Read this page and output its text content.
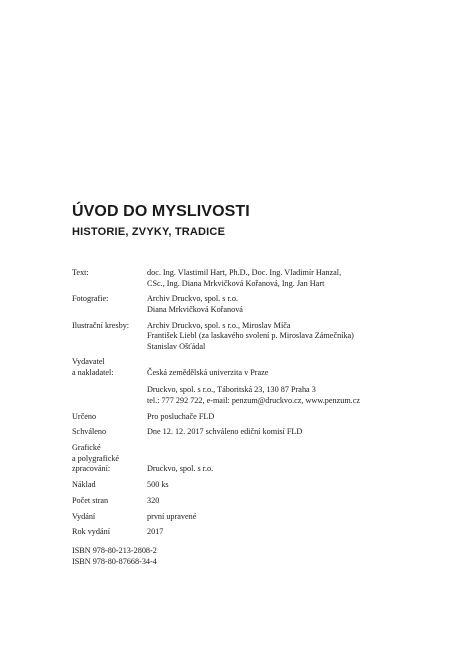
ÚVOD DO MYSLIVOSTI
HISTORIE, ZVYKY, TRADICE
Text:	doc. Ing. Vlastimil Hart, Ph.D., Doc. Ing. Vladimír Hanzal,
CSc., Ing. Diana Mrkvičková Kořanová, Ing. Jan Hart
Fotografie:	Archiv Druckvo, spol. s r.o.
Diana Mrkvičková Kořanová
Ilustrační kresby:	Archiv Druckvo, spol. s r.o., Miroslav Míča
František Liebl (za laskavého svolení p. Miroslava Zámečníka)
Stanislav Ošťádal
Vydavatel
a nakladatel:	Česká zemědělská univerzita v Praze
Druckvo, spol. s r.o., Táboritská 23, 130 87 Praha 3
tel.: 777 292 722, e-mail: penzum@druckvo.cz, www.penzum.cz
Určeno	Pro posluchače FLD
Schváleno	Dne 12. 12. 2017 schváleno ediční komisí FLD
Grafické
a polygrafické
zpracování:	Druckvo, spol. s r.o.
Náklad	500 ks
Počet stran	320
Vydání	první upravené
Rok vydání	2017
ISBN 978-80-213-2808-2
ISBN 978-80-87668-34-4
